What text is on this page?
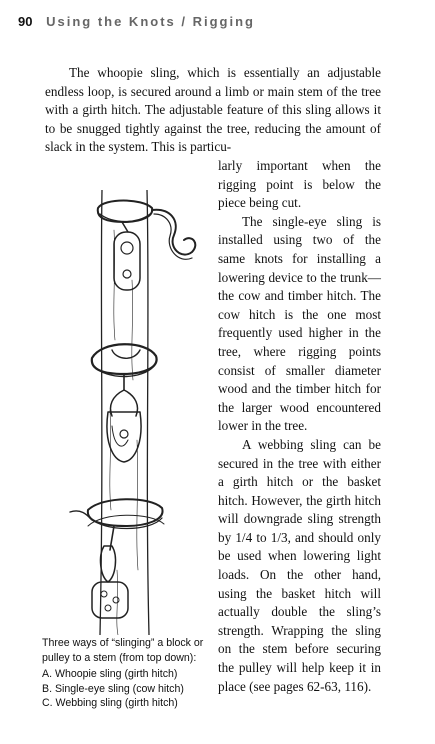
90 Using the Knots / Rigging

The whoopie sling, which is essentially an adjustable endless loop, is secured around a limb or main stem of the tree with a girth hitch. The adjustable feature of this sling allows it to be snugged tightly against the tree, reducing the amount of slack in the system. This is particu-

larly important when the rigging point is below the piece being cut.

The single-eye sling is installed using two of the same knots for installing a lowering device to the trunk—the cow and timber hitch. The cow hitch is the one most frequently used higher in the tree, where rigging points consist of smaller diameter wood and the timber hitch for the larger wood encountered lower in the tree.

A webbing sling can be secured in the tree with either a girth hitch or the basket hitch. However, the girth hitch will downgrade sling strength by 1/4 to 1/3, and should only be used when lowering light loads. On the other hand, using the basket hitch will actually double the sling’s strength. Wrapping the sling on the stem before securing the pulley will help keep it in place (see pages 62-63, 116).

Three ways of “slinging” a block or pulley to a stem (from top down):
A. Whoopie sling (girth hitch)
B. Single-eye sling (cow hitch)
C. Webbing sling (girth hitch)
